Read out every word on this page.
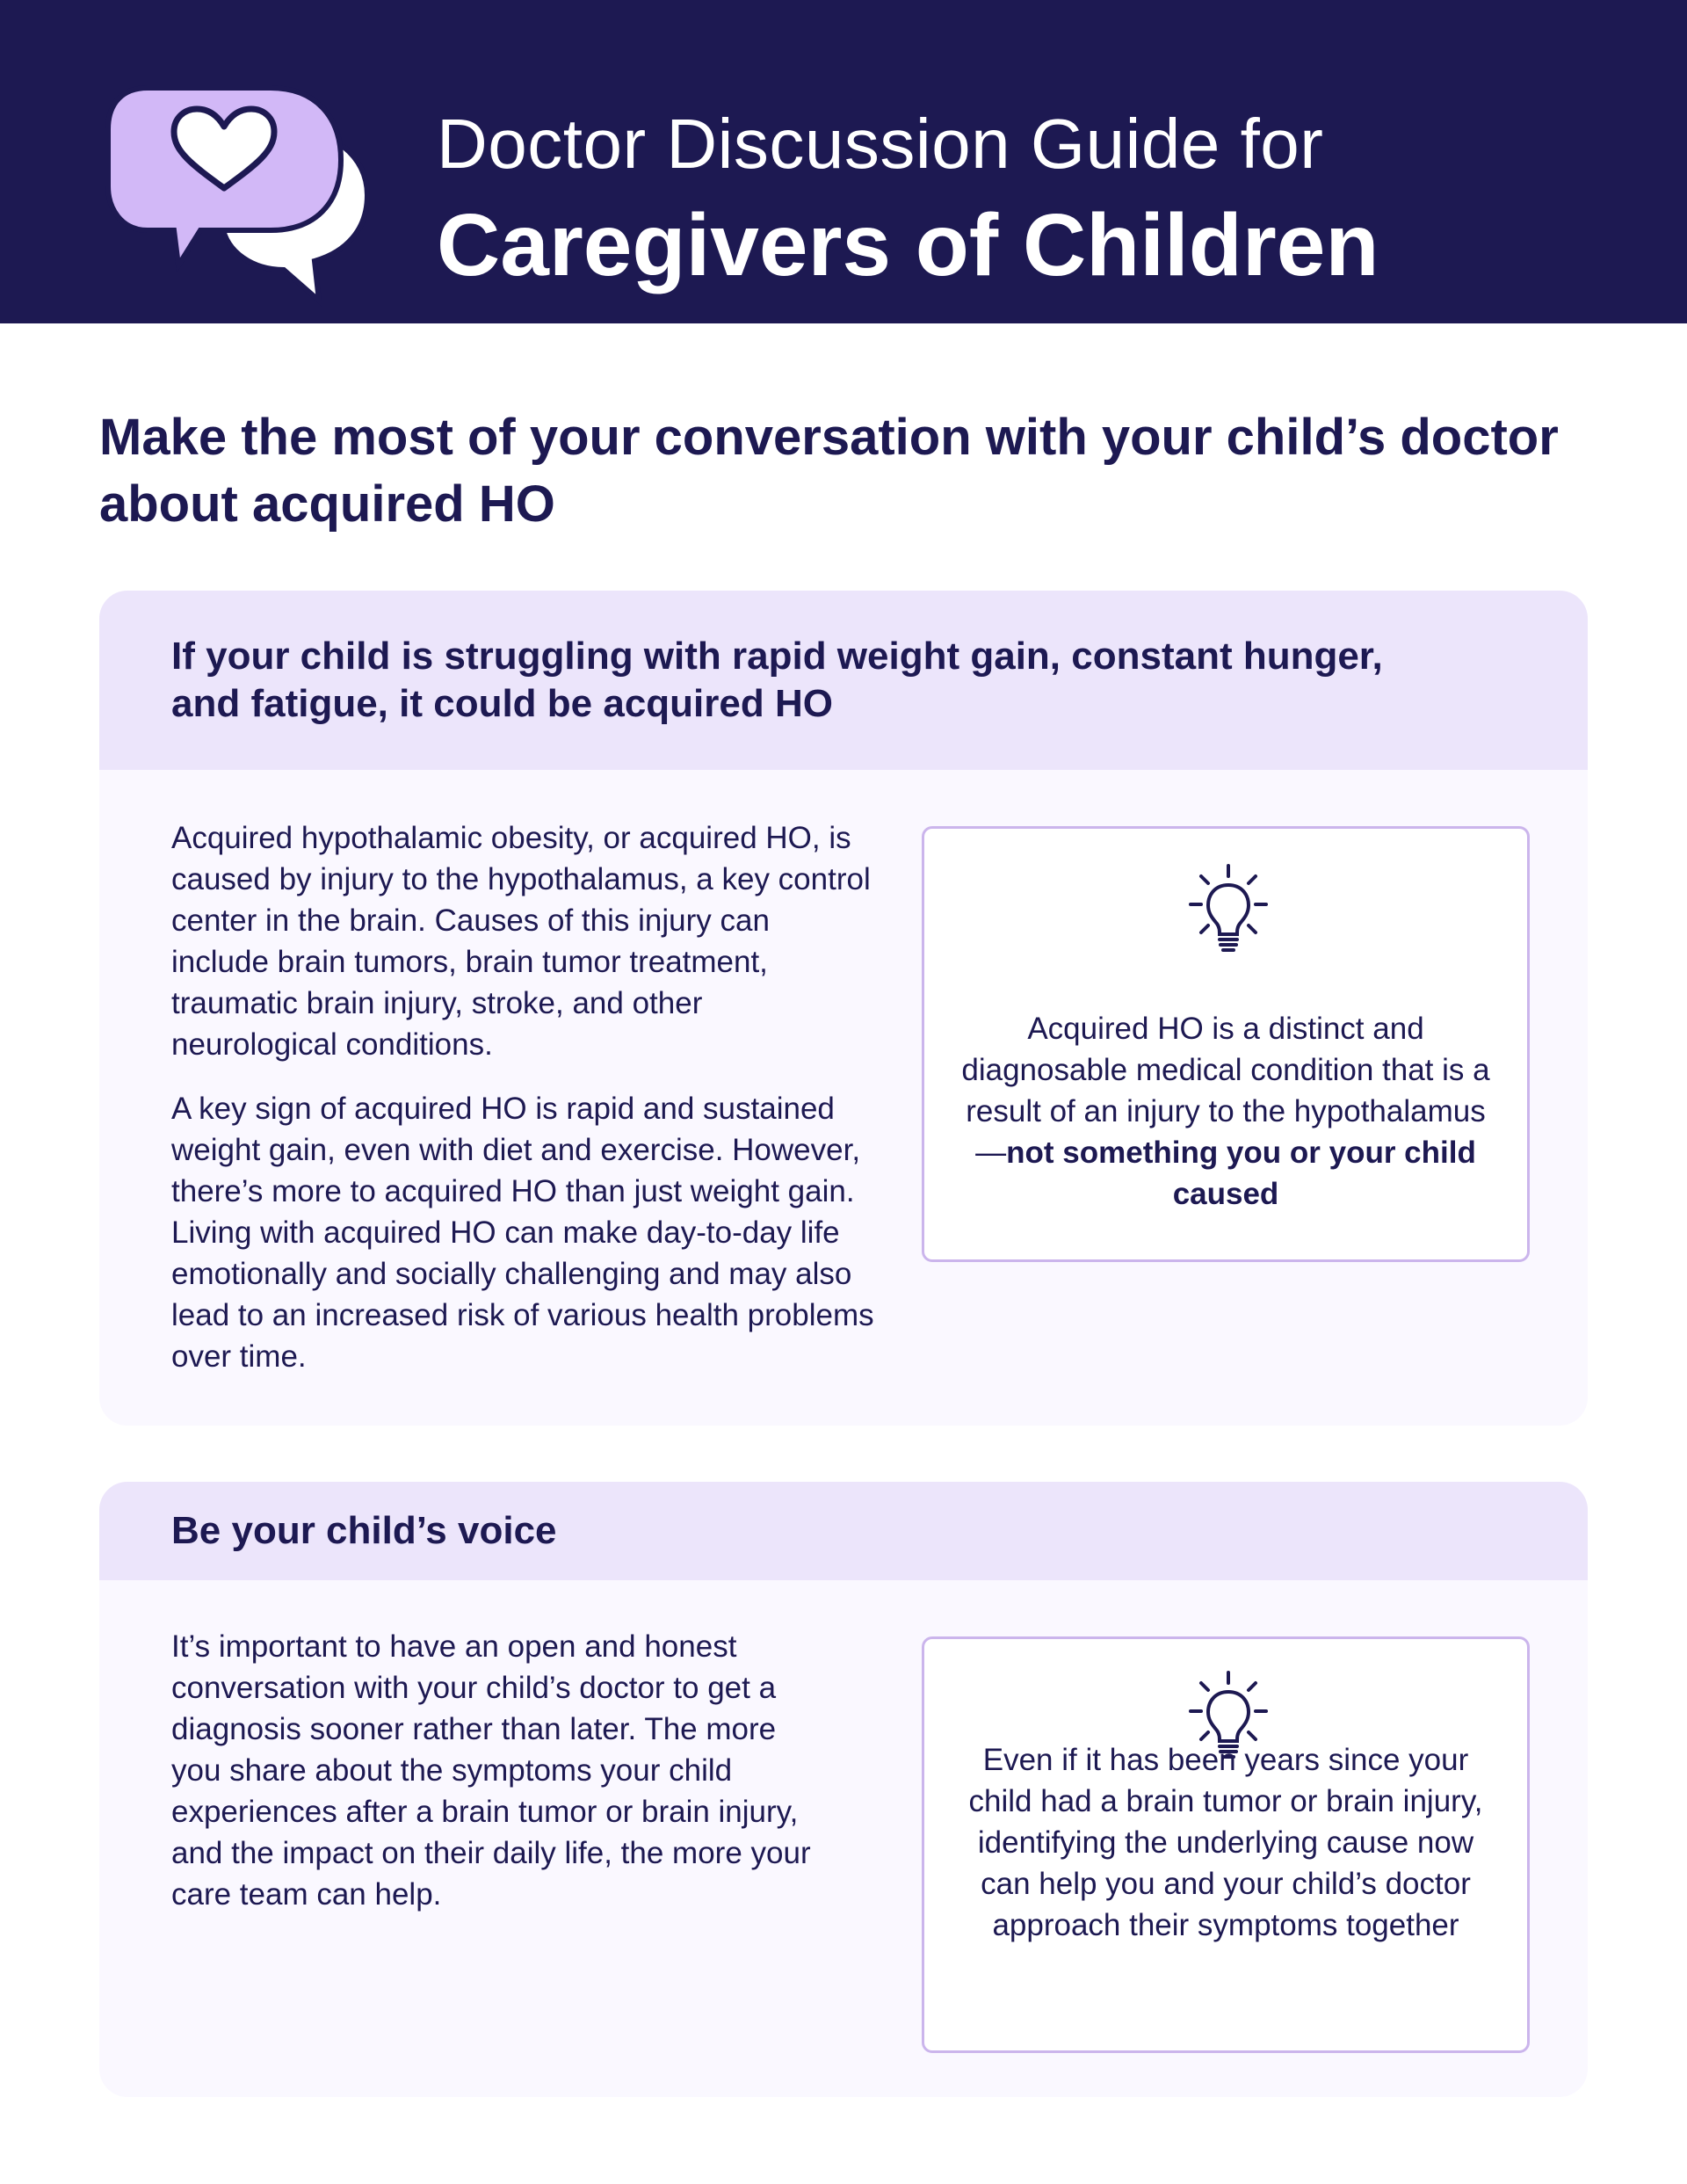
Doctor Discussion Guide for
Caregivers of Children
Make the most of your conversation with your child’s doctor about acquired HO
If your child is struggling with rapid weight gain, constant hunger, and fatigue, it could be acquired HO

Acquired hypothalamic obesity, or acquired HO, is caused by injury to the hypothalamus, a key control center in the brain. Causes of this injury can include brain tumors, brain tumor treatment, traumatic brain injury, stroke, and other neurological conditions.

A key sign of acquired HO is rapid and sustained weight gain, even with diet and exercise. However, there’s more to acquired HO than just weight gain. Living with acquired HO can make day-to-day life emotionally and socially challenging and may also lead to an increased risk of various health problems over time.

Acquired HO is a distinct and diagnosable medical condition that is a result of an injury to the hypothalamus—not something you or your child caused
Be your child’s voice

It’s important to have an open and honest conversation with your child’s doctor to get a diagnosis sooner rather than later. The more you share about the symptoms your child experiences after a brain tumor or brain injury, and the impact on their daily life, the more your care team can help.

Even if it has been years since your child had a brain tumor or brain injury, identifying the underlying cause now can help you and your child’s doctor approach their symptoms together
